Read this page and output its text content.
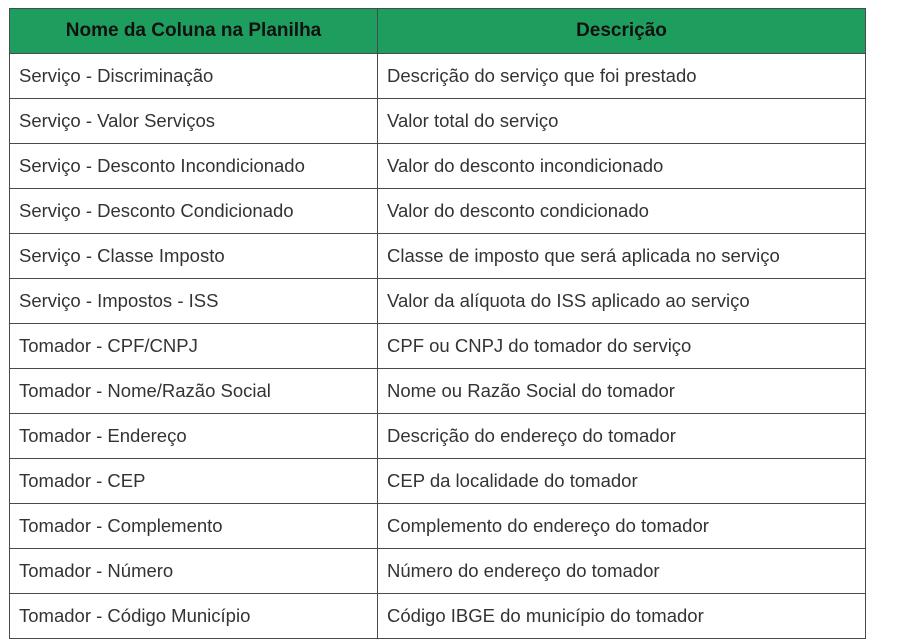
Nome da Coluna na Planilha	Descrição
Serviço - Discriminação	Descrição do serviço que foi prestado
Serviço - Valor Serviços	Valor total do serviço
Serviço - Desconto Incondicionado	Valor do desconto incondicionado
Serviço - Desconto Condicionado	Valor do desconto condicionado
Serviço - Classe Imposto	Classe de imposto que será aplicada no serviço
Serviço - Impostos - ISS	Valor da alíquota do ISS aplicado ao serviço
Tomador - CPF/CNPJ	CPF ou CNPJ do tomador do serviço
Tomador - Nome/Razão Social	Nome ou Razão Social do tomador
Tomador - Endereço	Descrição do endereço do tomador
Tomador - CEP	CEP da localidade do tomador
Tomador - Complemento	Complemento do endereço do tomador
Tomador - Número	Número do endereço do tomador
Tomador - Código Município	Código IBGE do município do tomador
